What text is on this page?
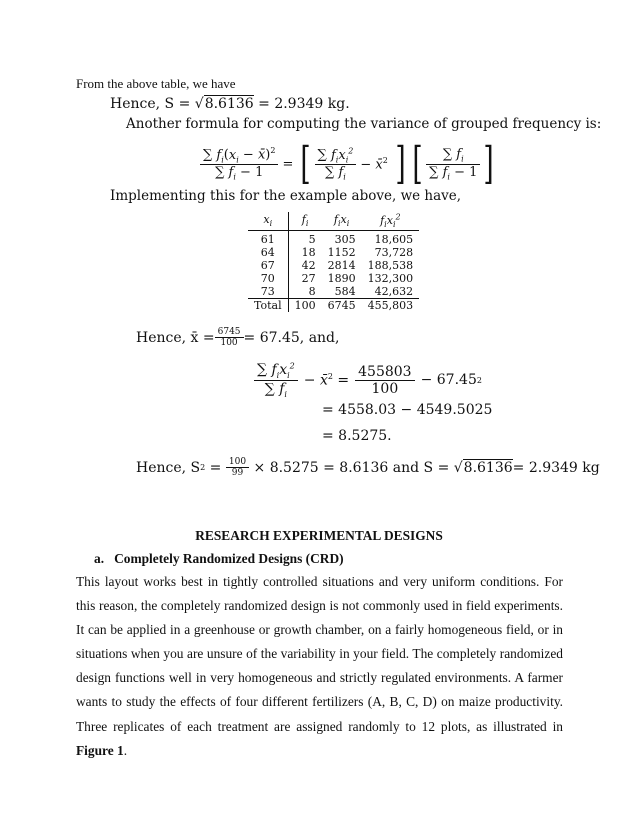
From the above table, we have
Hence, S = √8.6136 = 2.9349 kg.
Another formula for computing the variance of grouped frequency is:
$\frac{\sum f_i(x_i - x̄)^2}{\sum f_i - 1}$ = [ $\frac{\sum f_ix_i^2}{\sum f_i}$ − x̄$^2$ ] [ $\frac{\sum f_i}{\sum f_i - 1}$ ]
Implementing this for the example above, we have,
$x_i$	$f_i$	$f_ix_i$	$f_ix_i^2$
61	5	305	18,605
64	18	1152	73,728
67	42	2814	188,538
70	27	1890	132,300
73	8	584	42,632
Total	100	6745	455,803
Hence, x̄ = $\frac{6745}{100} = 67.45$, and,
$\frac{\sum f_ix_i^2}{\sum f_i}$ − x̄$^2$ = $\frac{455803}{100} - 67.45$ 2
= 4558.03 − 4549.5025
= 8.5275.
Hence, S $2 = \frac{100}{99} \times 8.5275 = 8.6136$ and S = √ 8.6136 = 2.9349 kg
RESEARCH EXPERIMENTAL DESIGNS
a.   Completely Randomized Designs (CRD)

This layout works best in tightly controlled situations and very uniform conditions. For this reason, the completely randomized design is not commonly used in field experiments. It can be applied in a greenhouse or growth chamber, on a fairly homogeneous field, or in situations when you are unsure of the variability in your field. The completely randomized design functions well in very homogeneous and strictly regulated environments. A farmer wants to study the effects of four different fertilizers (A, B, C, D) on maize productivity. Three replicates of each treatment are assigned randomly to 12 plots, as illustrated in Figure 1.
